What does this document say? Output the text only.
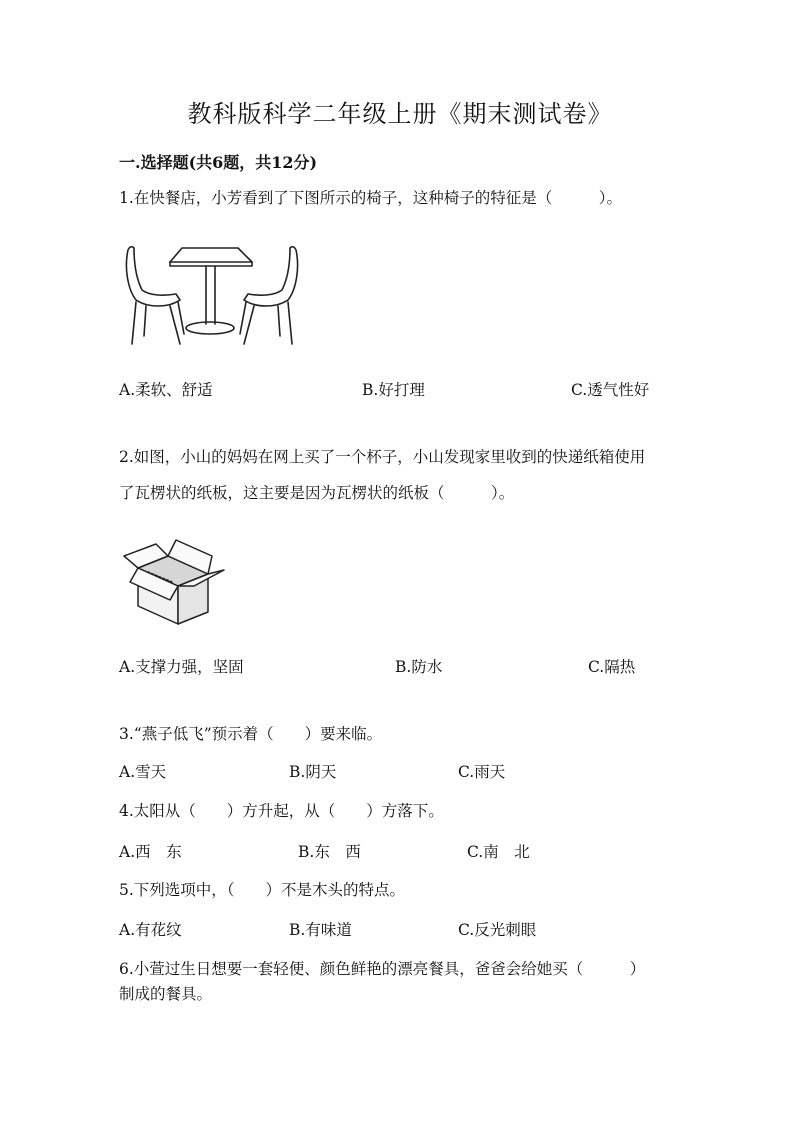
教科版科学二年级上册《期末测试卷》
一.选择题(共6题，共12分)
1.在快餐店，小芳看到了下图所示的椅子，这种椅子的特征是（　　　）。
A.柔软、舒适	B.好打理	C.透气性好
2.如图，小山的妈妈在网上买了一个杯子，小山发现家里收到的快递纸箱使用
了瓦楞状的纸板，这主要是因为瓦楞状的纸板（　　　）。
A.支撑力强，坚固	B.防水	C.隔热
3.“燕子低飞”预示着（　　）要来临。
A.雪天	B.阴天	C.雨天
4.太阳从（　　）方升起，从（　　）方落下。
A.西　东	B.东　西	C.南　北
5.下列选项中，（　　）不是木头的特点。
A.有花纹	B.有味道	C.反光刺眼
6.小萱过生日想要一套轻便、颜色鲜艳的漂亮餐具，爸爸会给她买（　　　）
制成的餐具。
